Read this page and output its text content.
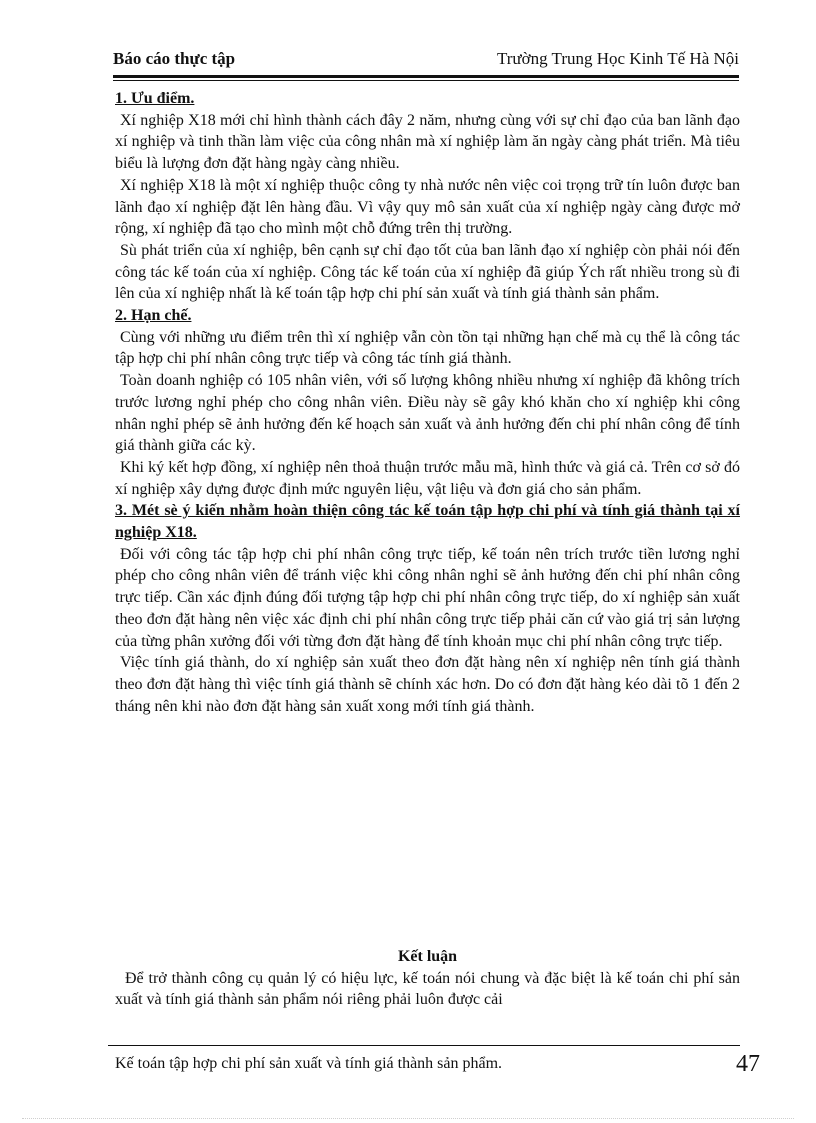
Báo cáo thực tập	Trường Trung Học Kinh Tế Hà Nội
1. Ưu điểm.

Xí nghiệp X18 mới chỉ hình thành cách đây 2 năm, nhưng cùng với sự chỉ đạo của ban lãnh đạo xí nghiệp và tinh thần làm việc của công nhân mà xí nghiệp làm ăn ngày càng phát triển. Mà tiêu biểu là lượng đơn đặt hàng ngày càng nhiều.

Xí nghiệp X18 là một xí nghiệp thuộc công ty nhà nước nên việc coi trọng trữ tín luôn được ban lãnh đạo xí nghiệp đặt lên hàng đầu. Vì vậy quy mô sản xuất của xí nghiệp ngày càng được mở rộng, xí nghiệp đã tạo cho mình một chỗ đứng trên thị trường.

Sù phát triển của xí nghiệp, bên cạnh sự chỉ đạo tốt của ban lãnh đạo xí nghiệp còn phải nói đến công tác kế toán của xí nghiệp. Công tác kế toán của xí nghiệp đã giúp Ých rất nhiều trong sù đi lên của xí nghiệp nhất là kế toán tập hợp chi phí sản xuất và tính giá thành sản phẩm.

2. Hạn chế.

Cùng với những ưu điểm trên thì xí nghiệp vẫn còn tồn tại những hạn chế mà cụ thể là công tác tập hợp chi phí nhân công trực tiếp và công tác tính giá thành.

Toàn doanh nghiệp có 105 nhân viên, với số lượng không nhiều nhưng xí nghiệp đã không trích trước lương nghỉ phép cho công nhân viên. Điều này sẽ gây khó khăn cho xí nghiệp khi công nhân nghỉ phép sẽ ảnh hưởng đến kế hoạch sản xuất và ảnh hưởng đến chi phí nhân công để tính giá thành giữa các kỳ.

Khi ký kết hợp đồng, xí nghiệp nên thoả thuận trước mẫu mã, hình thức và giá cả. Trên cơ sở đó xí nghiệp xây dựng được định mức nguyên liệu, vật liệu và đơn giá cho sản phẩm.

3. Mét sè ý kiến nhằm hoàn thiện công tác kế toán tập hợp chi phí và tính giá thành tại xí nghiệp X18.

Đối với công tác tập hợp chi phí nhân công trực tiếp, kế toán nên trích trước tiền lương nghỉ phép cho công nhân viên để tránh việc khi công nhân nghỉ sẽ ảnh hưởng đến chi phí nhân công trực tiếp. Cần xác định đúng đối tượng tập hợp chi phí nhân công trực tiếp, do xí nghiệp sản xuất theo đơn đặt hàng nên việc xác định chi phí nhân công trực tiếp phải căn cứ vào giá trị sản lượng của từng phân xưởng đối với từng đơn đặt hàng để tính khoản mục chi phí nhân công trực tiếp.

Việc tính giá thành, do xí nghiệp sản xuất theo đơn đặt hàng nên xí nghiệp nên tính giá thành theo đơn đặt hàng thì việc tính giá thành sẽ chính xác hơn. Do có đơn đặt hàng kéo dài tõ 1 đến 2 tháng nên khi nào đơn đặt hàng sản xuất xong mới tính giá thành.

Kết luận

Để trở thành công cụ quản lý có hiệu lực, kế toán nói chung và đặc biệt là kế toán chi phí sản xuất và tính giá thành sản phẩm nói riêng phải luôn được cải

Kế toán tập hợp chi phí sản xuất và tính giá thành sản phẩm.	47
